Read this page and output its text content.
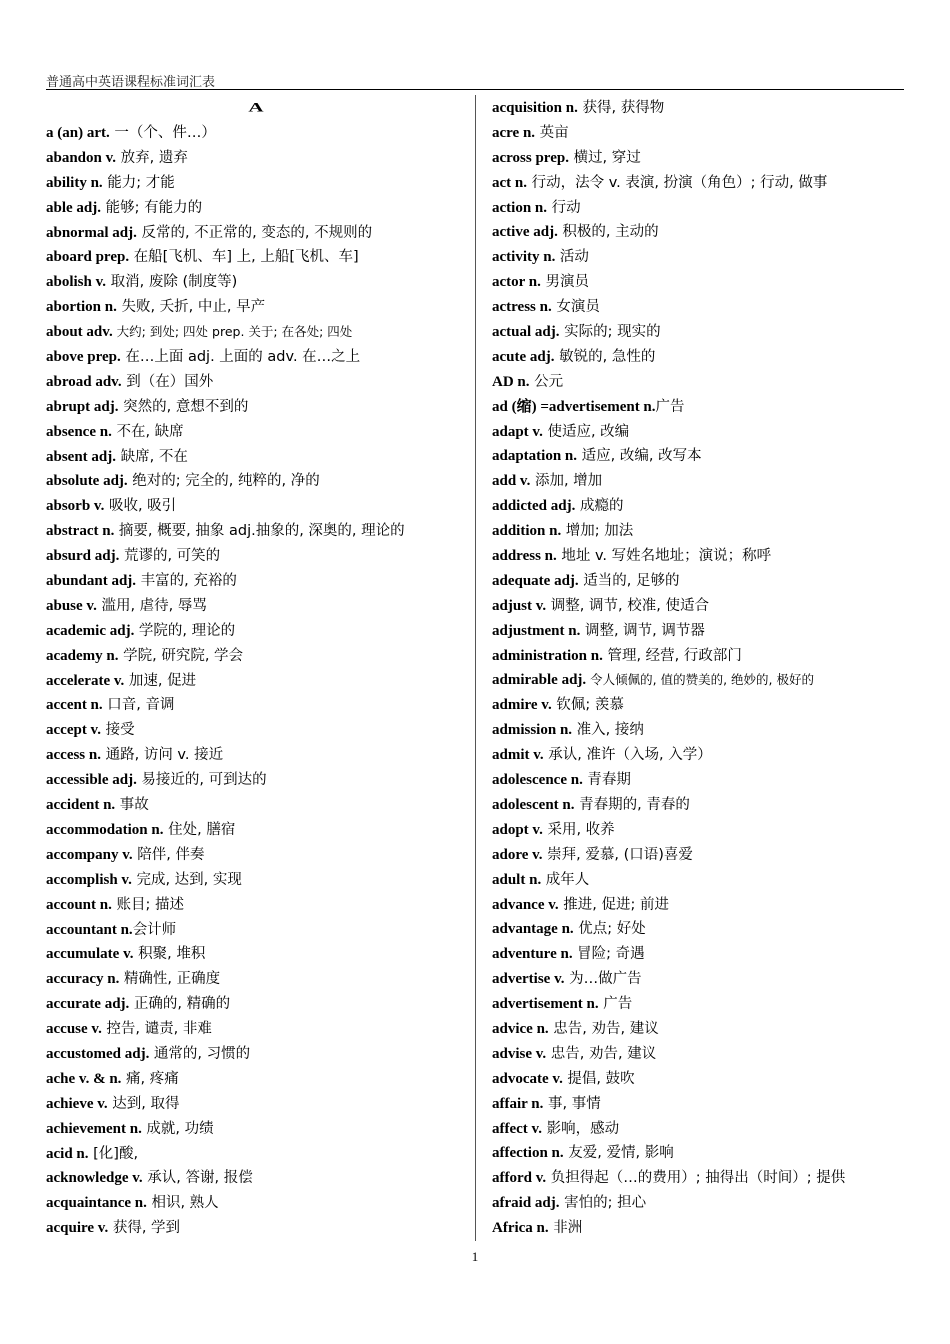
普通高中英语课程标准词汇表
A
a (an) art. 一（个、件…）
abandon v. 放弃, 遗弃
ability n. 能力; 才能
able adj. 能够; 有能力的
abnormal adj. 反常的, 不正常的, 变态的, 不规则的
aboard prep. 在船[飞机、车] 上, 上船[飞机、车]
abolish v. 取消, 废除 (制度等)
abortion n. 失败, 夭折, 中止, 早产
about adv. 大约; 到处; 四处 prep. 关于; 在各处; 四处
above prep. 在…上面 adj. 上面的 adv. 在…之上
abroad adv. 到（在）国外
abrupt adj. 突然的, 意想不到的
absence n. 不在, 缺席
absent adj. 缺席, 不在
absolute adj. 绝对的; 完全的, 纯粹的, 净的
absorb v. 吸收, 吸引
abstract n. 摘要, 概要, 抽象 adj.抽象的, 深奥的, 理论的
absurd adj. 荒谬的, 可笑的
abundant adj. 丰富的, 充裕的
abuse v. 滥用, 虐待, 辱骂
academic adj. 学院的, 理论的
academy n. 学院, 研究院, 学会
accelerate v. 加速, 促进
accent n. 口音, 音调
accept v. 接受
access n. 通路, 访问 v. 接近
accessible adj. 易接近的, 可到达的
accident n. 事故
accommodation n. 住处, 膳宿
accompany v. 陪伴, 伴奏
accomplish v. 完成, 达到, 实现
account n. 账目; 描述
accountant n.会计师
accumulate v. 积聚, 堆积
accuracy n. 精确性, 正确度
accurate adj. 正确的, 精确的
accuse v. 控告, 谴责, 非难
accustomed adj. 通常的, 习惯的
ache v. & n. 痛, 疼痛
achieve v. 达到, 取得
achievement n. 成就, 功绩
acid n. [化]酸,
acknowledge v. 承认, 答谢, 报偿
acquaintance n. 相识, 熟人
acquire v. 获得, 学到
acquisition n. 获得, 获得物
acre n. 英亩
across prep. 横过, 穿过
act n. 行动，法令 v. 表演, 扮演（角色）; 行动, 做事
action n. 行动
active adj. 积极的, 主动的
activity n. 活动
actor n. 男演员
actress n. 女演员
actual adj. 实际的; 现实的
acute adj. 敏锐的, 急性的
AD n. 公元
ad (缩) =advertisement n.广告
adapt v. 使适应, 改编
adaptation n. 适应, 改编, 改写本
add v. 添加, 增加
addicted adj. 成瘾的
addition n. 增加; 加法
address n. 地址 v. 写姓名地址；演说；称呼
adequate adj. 适当的, 足够的
adjust v. 调整, 调节, 校准, 使适合
adjustment n. 调整, 调节, 调节器
administration n. 管理, 经营, 行政部门
admirable adj. 令人倾佩的, 值的赞美的, 绝妙的, 极好的
admire v. 钦佩; 羡慕
admission n. 准入, 接纳
admit v. 承认, 准许（入场, 入学）
adolescence n. 青春期
adolescent n. 青春期的, 青春的
adopt v. 采用, 收养
adore v. 崇拜, 爱慕, (口语)喜爱
adult n. 成年人
advance v. 推进, 促进; 前进
advantage n. 优点; 好处
adventure n. 冒险; 奇遇
advertise v. 为…做广告
advertisement n. 广告
advice n. 忠告, 劝告, 建议
advise v. 忠告, 劝告, 建议
advocate v. 提倡, 鼓吹
affair n. 事, 事情
affect v. 影响，感动
affection n. 友爱, 爱情, 影响
afford v. 负担得起（…的费用）; 抽得出（时间）; 提供
afraid adj. 害怕的; 担心
Africa n. 非洲
1
